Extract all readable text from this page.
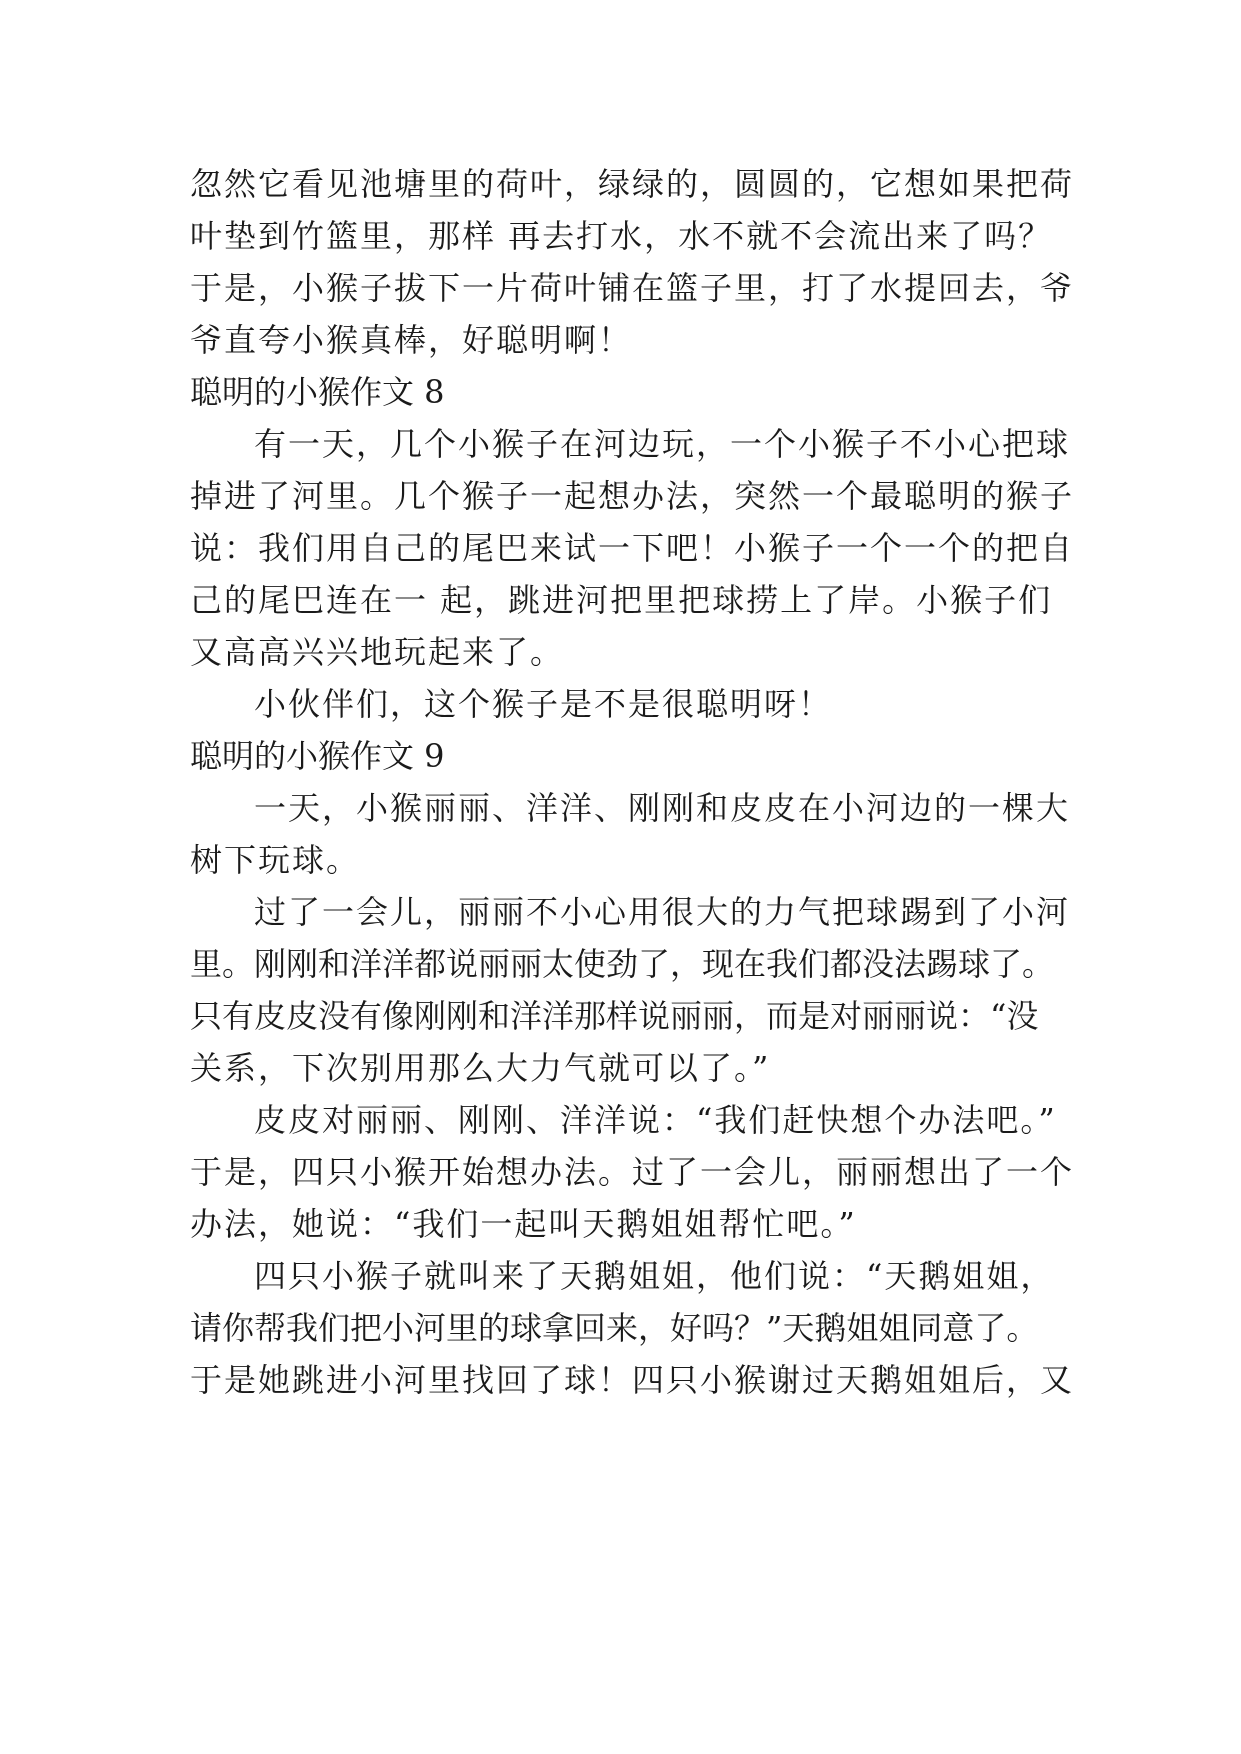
忽然它看见池塘里的荷叶，绿绿的，圆圆的，它想如果把荷
叶垫到竹篮里，那样 再去打水，水不就不会流出来了吗？
于是，小猴子拔下一片荷叶铺在篮子里，打了水提回去，爷
爷直夸小猴真棒，好聪明啊！
聪明的小猴作文 8
有一天，几个小猴子在河边玩，一个小猴子不小心把球
掉进了河里。几个猴子一起想办法，突然一个最聪明的猴子
说：我们用自己的尾巴来试一下吧！小猴子一个一个的把自
己的尾巴连在一 起，跳进河把里把球捞上了岸。小猴子们
又高高兴兴地玩起来了。
小伙伴们，这个猴子是不是很聪明呀！
聪明的小猴作文 9
一天，小猴丽丽、洋洋、刚刚和皮皮在小河边的一棵大
树下玩球。
过了一会儿，丽丽不小心用很大的力气把球踢到了小河
里。刚刚和洋洋都说丽丽太使劲了，现在我们都没法踢球了。
只有皮皮没有像刚刚和洋洋那样说丽丽，而是对丽丽说：“没
关系，下次别用那么大力气就可以了。”
皮皮对丽丽、刚刚、洋洋说：“我们赶快想个办法吧。”
于是，四只小猴开始想办法。过了一会儿，丽丽想出了一个
办法，她说：“我们一起叫天鹅姐姐帮忙吧。”
四只小猴子就叫来了天鹅姐姐，他们说：“天鹅姐姐，
请你帮我们把小河里的球拿回来，好吗？”天鹅姐姐同意了。
于是她跳进小河里找回了球！四只小猴谢过天鹅姐姐后，又
